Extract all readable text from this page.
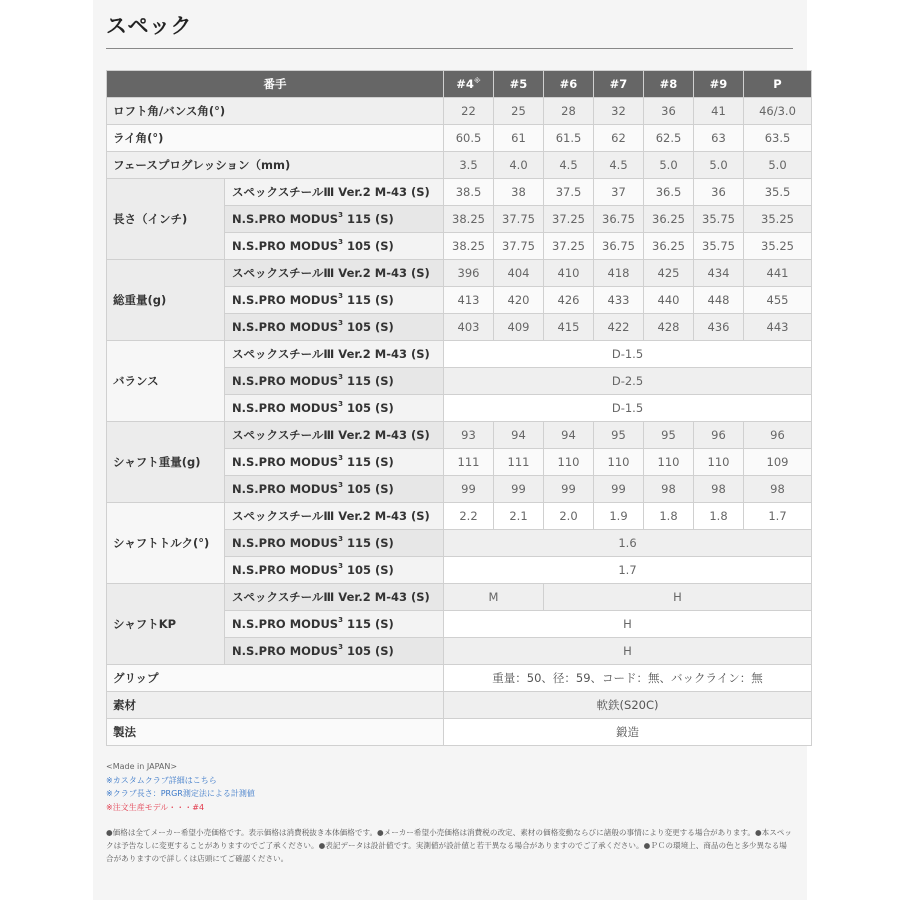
スペック
番手		#4※	#5	#6	#7	#8	#9	P
ロフト角/バンス角(°)		22	25	28	32	36	41	46/3.0
ライ角(°)		60.5	61	61.5	62	62.5	63	63.5
フェースプログレッション（mm)		3.5	4.0	4.5	4.5	5.0	5.0	5.0
長さ（インチ)	スペックスチールⅢ Ver.2 M-43 (S)	38.5	38	37.5	37	36.5	36	35.5
	N.S.PRO MODUS$^3$ 115 (S)	38.25	37.75	37.25	36.75	36.25	35.75	35.25
	N.S.PRO MODUS$^3$ 105 (S)	38.25	37.75	37.25	36.75	36.25	35.75	35.25
総重量(g)	スペックスチールⅢ Ver.2 M-43 (S)	396	404	410	418	425	434	441
	N.S.PRO MODUS$^3$ 115 (S)	413	420	426	433	440	448	455
	N.S.PRO MODUS$^3$ 105 (S)	403	409	415	422	428	436	443
バランス	スペックスチールⅢ Ver.2 M-43 (S)	D-1.5						
	N.S.PRO MODUS$^3$ 115 (S)	D-2.5						
	N.S.PRO MODUS$^3$ 105 (S)	D-1.5						
シャフト重量(g)	スペックスチールⅢ Ver.2 M-43 (S)	93	94	94	95	95	96	96
	N.S.PRO MODUS$^3$ 115 (S)	111	111	110	110	110	110	109
	N.S.PRO MODUS$^3$ 105 (S)	99	99	99	99	98	98	98
シャフトトルク(°)	スペックスチールⅢ Ver.2 M-43 (S)	2.2	2.1	2.0	1.9	1.8	1.8	1.7
	N.S.PRO MODUS$^3$ 115 (S)	1.6						
	N.S.PRO MODUS$^3$ 105 (S)	1.7						
シャフトKP	スペックスチールⅢ Ver.2 M-43 (S)	M		H				
	N.S.PRO MODUS$^3$ 115 (S)	H						
	N.S.PRO MODUS$^3$ 105 (S)	H						
グリップ		重量：50、径：59、コード：無、バックライン：無						
素材		軟鉄(S20C)						
製法		鍛造						
<Made in JAPAN>
※カスタムクラブ詳細はこちら
※クラブ長さ：PRGR測定法による計測値
※注文生産モデル・・・#4
●価格は全てメーカー希望小売価格です。表示価格は消費税抜き本体価格です。●メーカー希望小売価格は消費税の改定、素材の価格変動ならびに諸般の事情により変更する場合があります。●本スペックは予告なしに変更することがありますのでご了承ください。●表記データは設計値です。実測値が設計値と若干異なる場合がありますのでご了承ください。●ＰＣの環境上、商品の色と多少異なる場合がありますので詳しくは店頭にてご確認ください。
